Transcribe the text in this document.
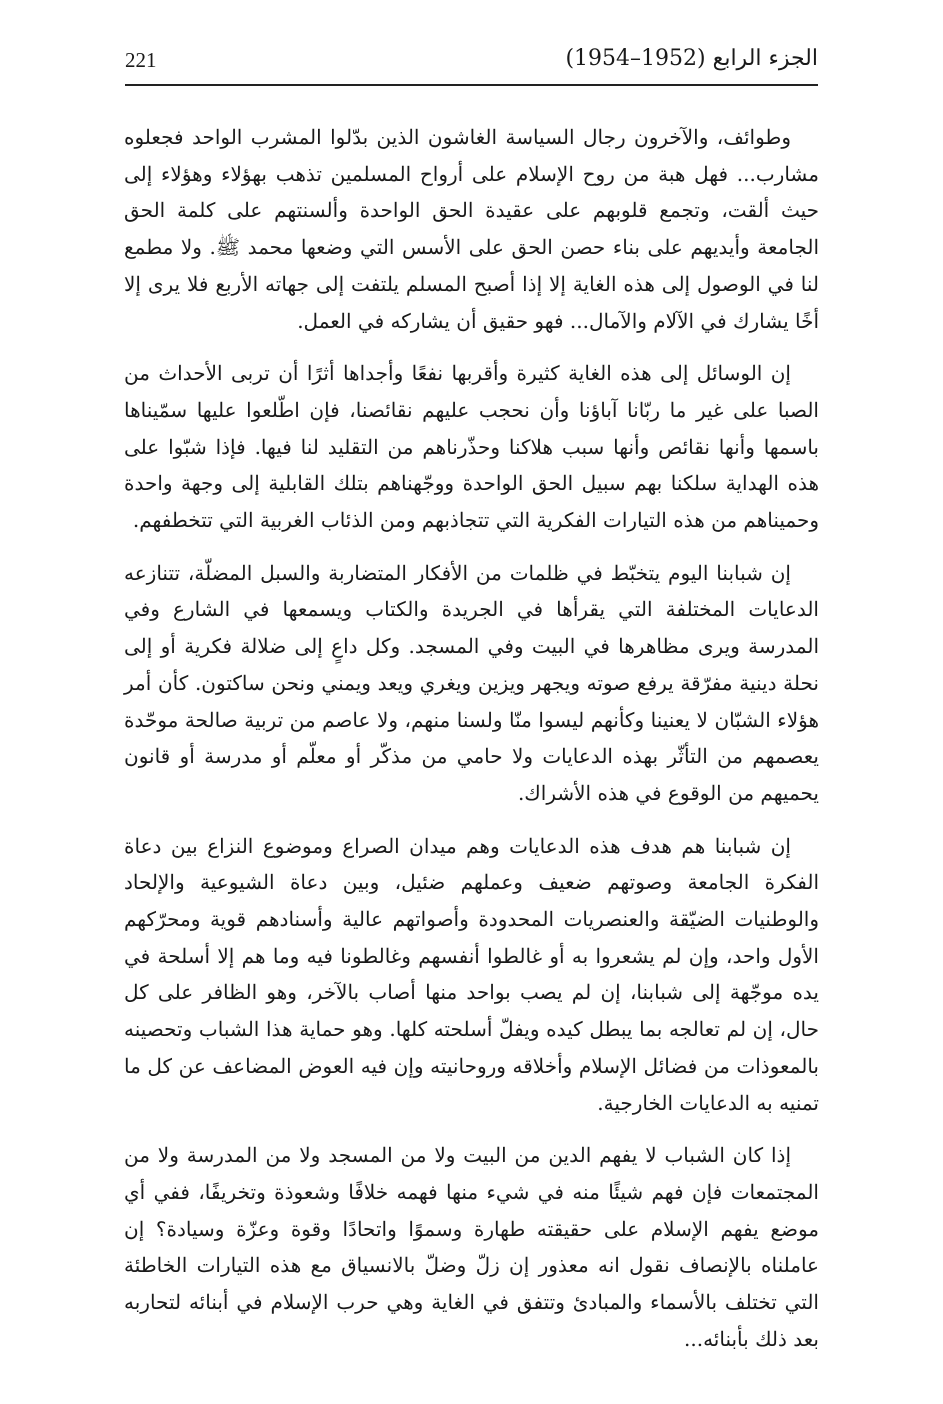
221	الجزء الرابع (1952–1954)

وطوائف، والآخرون رجال السياسة الغاشون الذين بدّلوا المشرب الواحد فجعلوه مشارب... فهل هبة من روح الإسلام على أرواح المسلمين تذهب بهؤلاء وهؤلاء إلى حيث ألقت، وتجمع قلوبهم على عقيدة الحق الواحدة وألسنتهم على كلمة الحق الجامعة وأيديهم على بناء حصن الحق على الأسس التي وضعها محمد ﷺ. ولا مطمع لنا في الوصول إلى هذه الغاية إلا إذا أصبح المسلم يلتفت إلى جهاته الأربع فلا يرى إلا أخًا يشارك في الآلام والآمال... فهو حقيق أن يشاركه في العمل.

إن الوسائل إلى هذه الغاية كثيرة وأقربها نفعًا وأجداها أثرًا أن تربى الأحداث من الصبا على غير ما ربّانا آباؤنا وأن نحجب عليهم نقائصنا، فإن اطّلعوا عليها سمّيناها باسمها وأنها نقائص وأنها سبب هلاكنا وحذّرناهم من التقليد لنا فيها. فإذا شبّوا على هذه الهداية سلكنا بهم سبيل الحق الواحدة ووجّهناهم بتلك القابلية إلى وجهة واحدة وحميناهم من هذه التيارات الفكرية التي تتجاذبهم ومن الذئاب الغربية التي تتخطفهم.

إن شبابنا اليوم يتخبّط في ظلمات من الأفكار المتضاربة والسبل المضلّة، تتنازعه الدعايات المختلفة التي يقرأها في الجريدة والكتاب ويسمعها في الشارع وفي المدرسة ويرى مظاهرها في البيت وفي المسجد. وكل داعٍ إلى ضلالة فكرية أو إلى نحلة دينية مفرّقة يرفع صوته ويجهر ويزين ويغري ويعد ويمني ونحن ساكتون. كأن أمر هؤلاء الشبّان لا يعنينا وكأنهم ليسوا منّا ولسنا منهم، ولا عاصم من تربية صالحة موحّدة يعصمهم من التأثّر بهذه الدعايات ولا حامي من مذكّر أو معلّم أو مدرسة أو قانون يحميهم من الوقوع في هذه الأشراك.

إن شبابنا هم هدف هذه الدعايات وهم ميدان الصراع وموضوع النزاع بين دعاة الفكرة الجامعة وصوتهم ضعيف وعملهم ضئيل، وبين دعاة الشيوعية والإلحاد والوطنيات الضيّقة والعنصريات المحدودة وأصواتهم عالية وأسنادهم قوية ومحرّكهم الأول واحد، وإن لم يشعروا به أو غالطوا أنفسهم وغالطونا فيه وما هم إلا أسلحة في يده موجّهة إلى شبابنا، إن لم يصب بواحد منها أصاب بالآخر، وهو الظافر على كل حال، إن لم تعالجه بما يبطل كيده ويفلّ أسلحته كلها. وهو حماية هذا الشباب وتحصينه بالمعوذات من فضائل الإسلام وأخلاقه وروحانيته وإن فيه العوض المضاعف عن كل ما تمنيه به الدعايات الخارجية.

إذا كان الشباب لا يفهم الدين من البيت ولا من المسجد ولا من المدرسة ولا من المجتمعات فإن فهم شيئًا منه في شيء منها فهمه خلافًا وشعوذة وتخريفًا، ففي أي موضع يفهم الإسلام على حقيقته طهارة وسموًا واتحادًا وقوة وعزّة وسيادة؟ إن عاملناه بالإنصاف نقول انه معذور إن زلّ وضلّ بالانسياق مع هذه التيارات الخاطئة التي تختلف بالأسماء والمبادئ وتتفق في الغاية وهي حرب الإسلام في أبنائه لتحاربه بعد ذلك بأبنائه...
